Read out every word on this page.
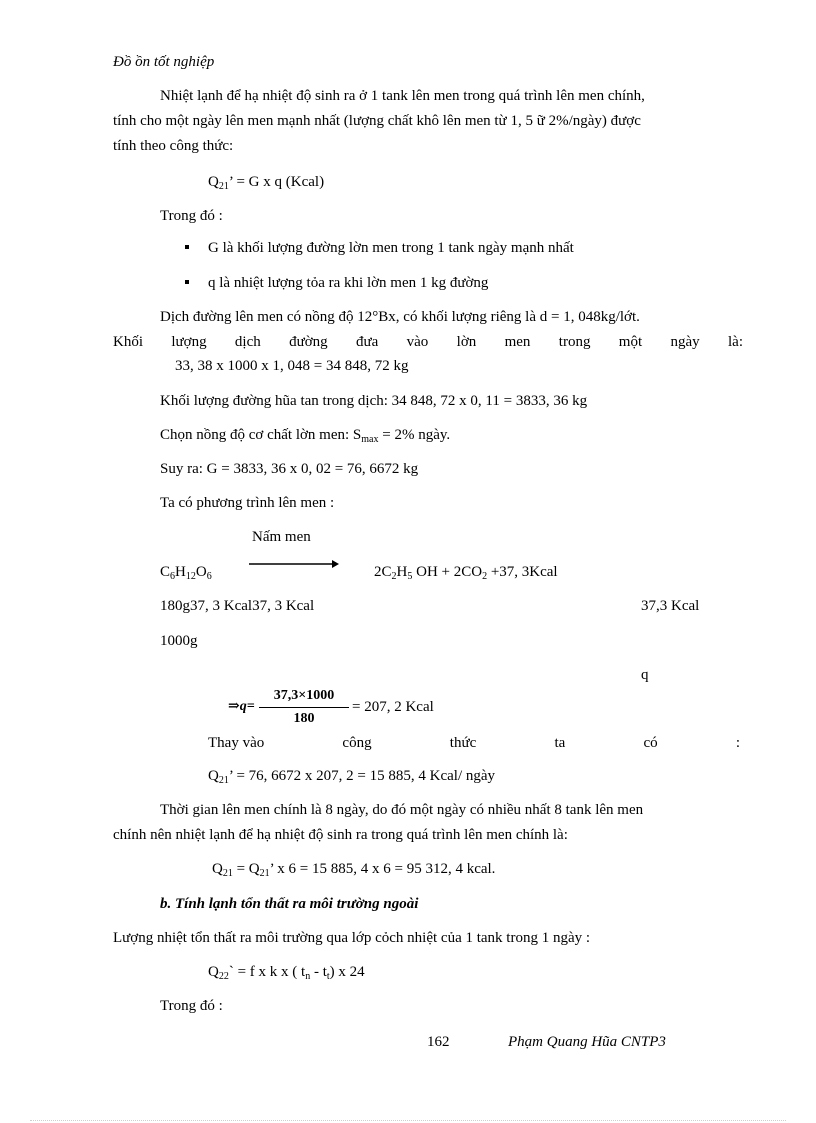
Đồ ồn tốt nghiệp
Nhiệt lạnh để hạ nhiệt độ sinh ra ở 1 tank lên men trong quá trình lên men chính,
tính cho một ngày lên men mạnh nhất (lượng chất khô lên men từ 1, 5 ữ 2%/ngày) được
tính theo công thức:
$Q_{21}$’ = G x q (Kcal)
Trong đó :
G là khối lượng đường lờn men trong 1 tank ngày mạnh nhất
q là nhiệt lượng tỏa ra khi lờn men 1 kg đường
Dịch đường lên men có nồng độ 12°Bx, có khối lượng riêng là d = 1, 048kg/lớt.
Khối lượng dịch đường đưa vào lờn men trong một ngày là:
33, 38 x 1000 x 1, 048 = 34 848, 72 kg
Khối lượng đường hũa tan trong dịch: 34 848, 72 x 0, 11 = 3833, 36 kg
Chọn nồng độ cơ chất lờn men: $S_{max} = 2\%$ ngày.
Suy ra: G = 3833, 36 x 0, 02 = 76, 6672 kg
Ta có phương trình lên men :
Nấm men
$C_6H_{12}O_6$	$2C_2H_5$ OH + $2CO_2 +37$, 3Kcal
180g37, 3 Kcal37, 3 Kcal	37,3 Kcal
1000g
q
⇒q=
37,3×1000
180
= 207, 2 Kcal
Thay vào	công	thức	ta	có	:
$Q_{21}$’ = 76, 6672 x 207, 2 = 15 885, 4 Kcal/ ngày
Thời gian lên men chính là 8 ngày, do đó một ngày có nhiều nhất 8 tank lên men
chính nên nhiệt lạnh để hạ nhiệt độ sinh ra trong quá trình lên men chính là:
$Q_{21} = Q_{21}$’ x 6 = 15 885, 4 x 6 = 95 312, 4 kcal.
b. Tính lạnh tổn thất ra môi trường ngoài
Lượng nhiệt tổn thất ra môi trường qua lớp cỏch nhiệt của 1 tank trong 1 ngày :
$Q_{22}` = f$ x k x ( $t_n - t_t$) x 24
Trong đó :
162	Phạm Quang Hũa CNTP3
